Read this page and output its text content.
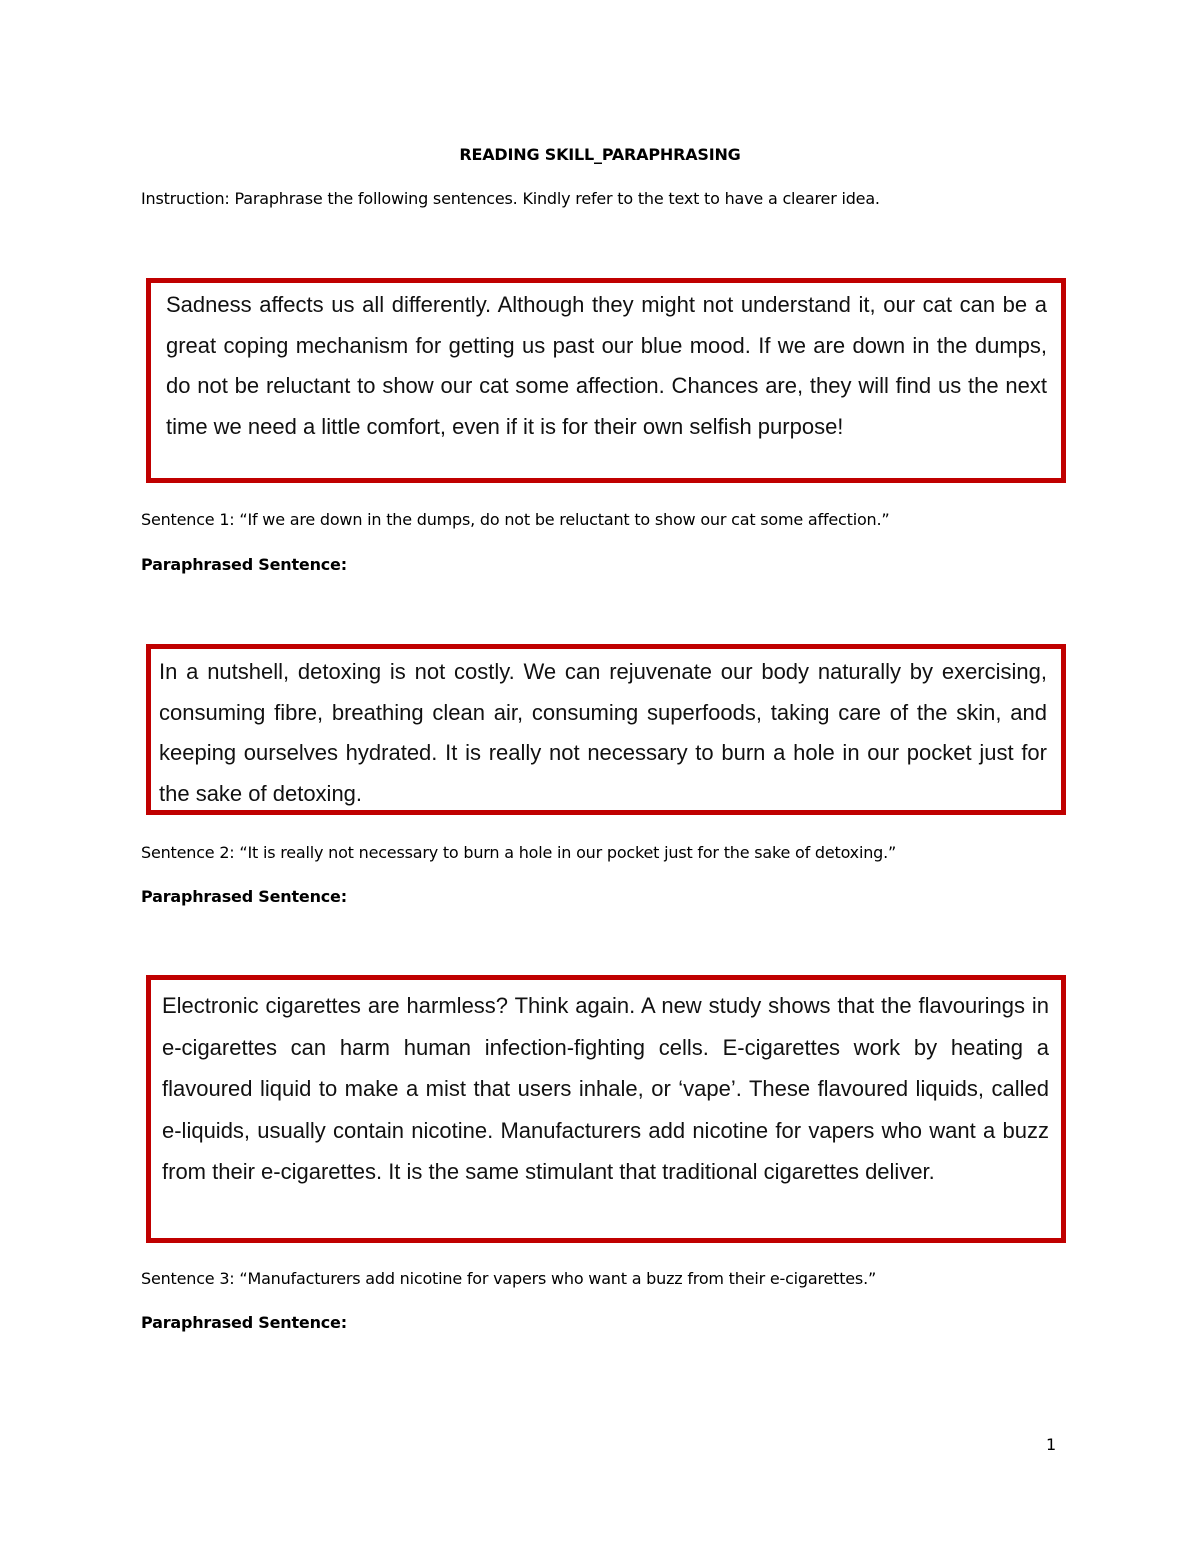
READING SKILL_PARAPHRASING
Instruction: Paraphrase the following sentences. Kindly refer to the text to have a clearer idea.
Sadness affects us all differently. Although they might not understand it, our cat can be a great coping mechanism for getting us past our blue mood. If we are down in the dumps, do not be reluctant to show our cat some affection. Chances are, they will find us the next time we need a little comfort, even if it is for their own selfish purpose!
Sentence 1: “If we are down in the dumps, do not be reluctant to show our cat some affection.”
Paraphrased Sentence:
In a nutshell, detoxing is not costly. We can rejuvenate our body naturally by exercising, consuming fibre, breathing clean air, consuming superfoods, taking care of the skin, and keeping ourselves hydrated. It is really not necessary to burn a hole in our pocket just for the sake of detoxing.
Sentence 2: “It is really not necessary to burn a hole in our pocket just for the sake of detoxing.”
Paraphrased Sentence:
Electronic cigarettes are harmless? Think again. A new study shows that the flavourings in e-cigarettes can harm human infection-fighting cells. E-cigarettes work by heating a flavoured liquid to make a mist that users inhale, or ‘vape’. These flavoured liquids, called e-liquids, usually contain nicotine. Manufacturers add nicotine for vapers who want a buzz from their e-cigarettes. It is the same stimulant that traditional cigarettes deliver.
Sentence 3: “Manufacturers add nicotine for vapers who want a buzz from their e-cigarettes.”
Paraphrased Sentence:
1
